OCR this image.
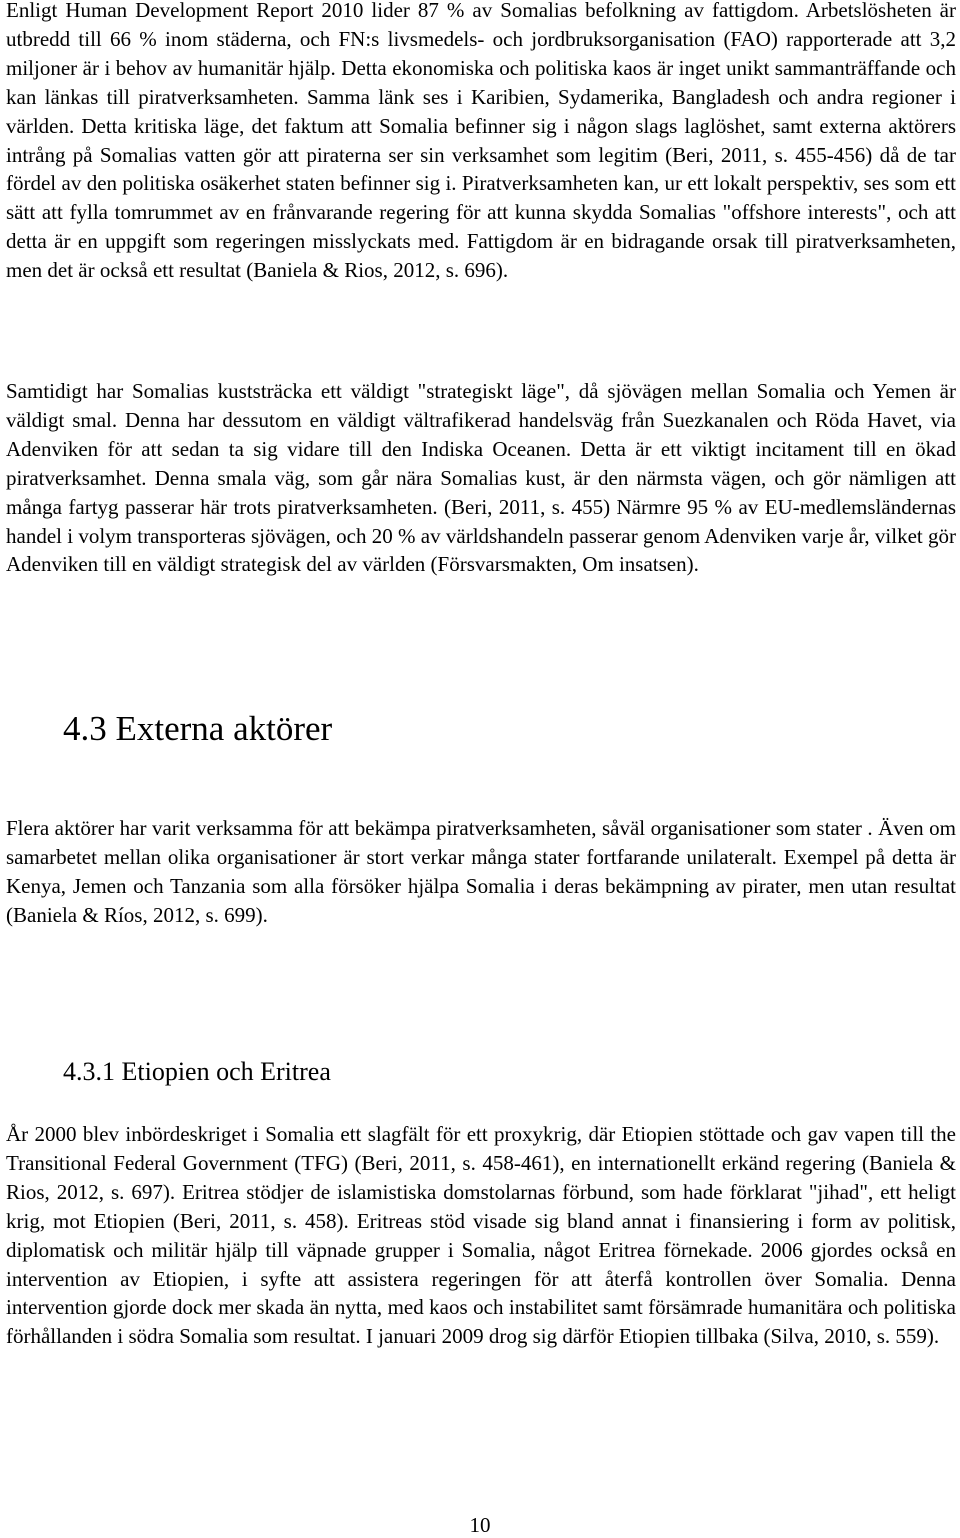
Enligt Human Development Report 2010 lider 87 % av Somalias befolkning av fattigdom. Arbetslösheten är utbredd till 66 % inom städerna, och FN:s livsmedels- och jordbruksorganisation (FAO) rapporterade att 3,2 miljoner är i behov av humanitär hjälp. Detta ekonomiska och politiska kaos är inget unikt sammanträffande och kan länkas till piratverksamheten. Samma länk ses i Karibien, Sydamerika, Bangladesh och andra regioner i världen. Detta kritiska läge, det faktum att Somalia befinner sig i någon slags laglöshet, samt externa aktörers intrång på Somalias vatten gör att piraterna ser sin verksamhet som legitim (Beri, 2011, s. 455-456) då de tar fördel av den politiska osäkerhet staten befinner sig i. Piratverksamheten kan, ur ett lokalt perspektiv, ses som ett sätt att fylla tomrummet av en frånvarande regering för att kunna skydda Somalias "offshore interests", och att detta är en uppgift som regeringen misslyckats med. Fattigdom är en bidragande orsak till piratverksamheten, men det är också ett resultat (Baniela & Rios, 2012, s. 696).

Samtidigt har Somalias kuststräcka ett väldigt "strategiskt läge", då sjövägen mellan Somalia och Yemen är väldigt smal. Denna har dessutom en väldigt vältrafikerad handelsväg från Suezkanalen och Röda Havet, via Adenviken för att sedan ta sig vidare till den Indiska Oceanen. Detta är ett viktigt incitament till en ökad piratverksamhet. Denna smala väg, som går nära Somalias kust, är den närmsta vägen, och gör nämligen att många fartyg passerar här trots piratverksamheten. (Beri, 2011, s. 455) Närmre 95 % av EU-medlemsländernas handel i volym transporteras sjövägen, och 20 % av världshandeln passerar genom Adenviken varje år, vilket gör Adenviken till en väldigt strategisk del av världen (Försvarsmakten, Om insatsen).

4.3 Externa aktörer

Flera aktörer har varit verksamma för att bekämpa piratverksamheten, såväl organisationer som stater . Även om samarbetet mellan olika organisationer är stort verkar många stater fortfarande unilateralt. Exempel på detta är Kenya, Jemen och Tanzania som alla försöker hjälpa Somalia i deras bekämpning av pirater, men utan resultat (Baniela & Ríos, 2012, s. 699).

4.3.1 Etiopien och Eritrea

År 2000 blev inbördeskriget i Somalia ett slagfält för ett proxykrig, där Etiopien stöttade och gav vapen till the Transitional Federal Government (TFG) (Beri, 2011, s. 458-461), en internationellt erkänd regering (Baniela & Rios, 2012, s. 697). Eritrea stödjer de islamistiska domstolarnas förbund, som hade förklarat "jihad", ett heligt krig, mot Etiopien (Beri, 2011, s. 458). Eritreas stöd visade sig bland annat i finansiering i form av politisk, diplomatisk och militär hjälp till väpnade grupper i Somalia, något Eritrea förnekade. 2006 gjordes också en intervention av Etiopien, i syfte att assistera regeringen för att återfå kontrollen över Somalia. Denna intervention gjorde dock mer skada än nytta, med kaos och instabilitet samt försämrade humanitära och politiska förhållanden i södra Somalia som resultat. I januari 2009 drog sig därför Etiopien tillbaka (Silva, 2010, s. 559).

10
